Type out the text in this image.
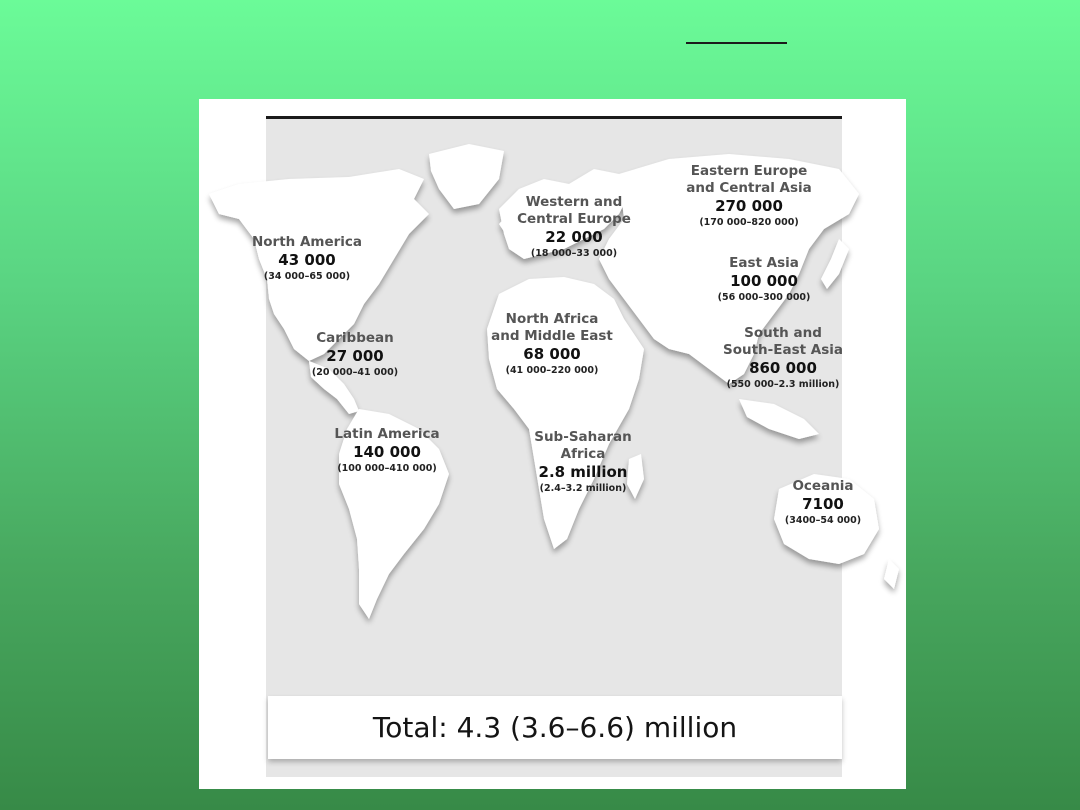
North America
43 000
(34 000–65 000)
Caribbean
27 000
(20 000–41 000)
Latin America
140 000
(100 000–410 000)
Western and
Central Europe
22 000
(18 000–33 000)
North Africa
and Middle East
68 000
(41 000–220 000)
Sub-Saharan
Africa
2.8 million
(2.4–3.2 million)
Eastern Europe
and Central Asia
270 000
(170 000–820 000)
East Asia
100 000
(56 000–300 000)
South and
South-East Asia
860 000
(550 000–2.3 million)
Oceania
7100
(3400–54 000)
Total: 4.3 (3.6–6.6) million
